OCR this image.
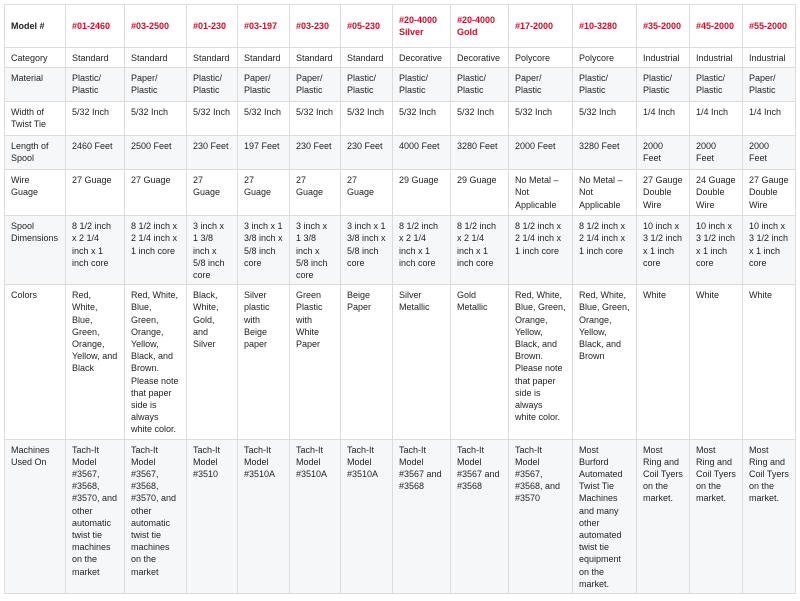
Model #	#01-2460	#03-2500	#01-230	#03-197	#03-230	#05-230	#20-4000 Silver	#20-4000 Gold	#17-2000	#10-3280	#35-2000	#45-2000	#55-2000
Category	Standard	Standard	Standard	Standard	Standard	Standard	Decorative	Decorative	Polycore	Polycore	Industrial	Industrial	Industrial
Material	Plastic/ Plastic	Paper/ Plastic	Plastic/ Plastic	Paper/ Plastic	Paper/ Plastic	Plastic/ Plastic	Plastic/ Plastic	Plastic/ Plastic	Paper/ Plastic	Plastic/ Plastic	Plastic/ Plastic	Plastic/ Plastic	Paper/ Plastic
Width of Twist Tie	5/32 Inch	5/32 Inch	5/32 Inch	5/32 Inch	5/32 Inch	5/32 Inch	5/32 Inch	5/32 Inch	5/32 Inch	5/32 Inch	1/4 Inch	1/4 Inch	1/4 Inch
Length of Spool	2460 Feet	2500 Feet	230 Feet	197 Feet	230 Feet	230 Feet	4000 Feet	3280 Feet	2000 Feet	3280 Feet	2000 Feet	2000 Feet	2000 Feet
Wire Guage	27 Guage	27 Guage	27 Guage	27 Guage	27 Guage	27 Guage	29 Guage	29 Guage	No Metal – Not Applicable	No Metal – Not Applicable	27 Gauge Double Wire	24 Guage Double Wire	27 Gauge Double Wire
Spool Dimensions	8 1/2 inch x 2 1/4 inch x 1 inch core	8 1/2 inch x 2 1/4 inch x 1 inch core	3 inch x 1 3/8 inch x 5/8 inch core	3 inch x 1 3/8 inch x 5/8 inch core	3 inch x 1 3/8 inch x 5/8 inch core	3 inch x 1 3/8 inch x 5/8 inch core	8 1/2 inch x 2 1/4 inch x 1 inch core	8 1/2 inch x 2 1/4 inch x 1 inch core	8 1/2 inch x 2 1/4 inch x 1 inch core	8 1/2 inch x 2 1/4 inch x 1 inch core	10 inch x 3 1/2 inch x 1 inch core	10 inch x 3 1/2 inch x 1 inch core	10 inch x 3 1/2 inch x 1 inch core
Colors	Red, White, Blue, Green, Orange, Yellow, and Black	Red, White, Blue, Green, Orange, Yellow, Black, and Brown. Please note that paper side is always white color.	Black, White, Gold, and Silver	Silver plastic with Beige paper	Green Plastic with White Paper	Beige Paper	Silver Metallic	Gold Metallic	Red, White, Blue, Green, Orange, Yellow, Black, and Brown. Please note that paper side is always white color.	Red, White, Blue, Green, Orange, Yellow, Black, and Brown	White	White	White
Machines Used On	Tach-It Model #3567, #3568, #3570, and other automatic twist tie machines on the market	Tach-It Model #3567, #3568, #3570, and other automatic twist tie machines on the market	Tach-It Model #3510	Tach-It Model #3510A	Tach-It Model #3510A	Tach-It Model #3510A	Tach-It Model #3567 and #3568	Tach-It Model #3567 and #3568	Tach-It Model #3567, #3568, and #3570	Most Burford Automated Twist Tie Machines and many other automated twist tie equipment on the market.	Most Ring and Coil Tyers on the market.	Most Ring and Coil Tyers on the market.	Most Ring and Coil Tyers on the market.
